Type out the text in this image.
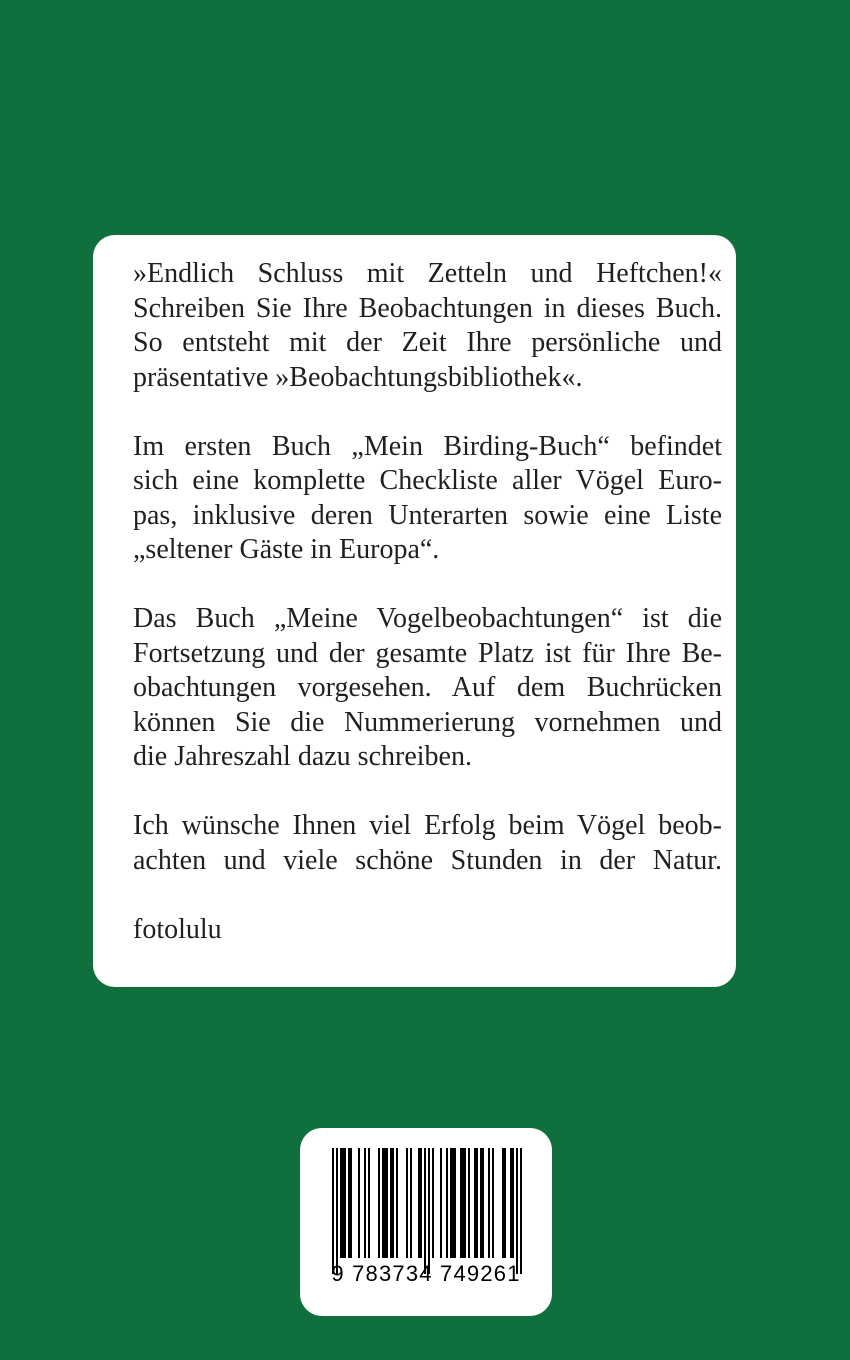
»Endlich Schluss mit Zetteln und Heftchen!«
Schreiben Sie Ihre Beobachtungen in dieses Buch.
So entsteht mit der Zeit Ihre persönliche und
präsentative »Beobachtungsbibliothek«.
Im ersten Buch „Mein Birding-Buch“ befindet
sich eine komplette Checkliste aller Vögel Euro-
pas, inklusive deren Unterarten sowie eine Liste
„seltener Gäste in Europa“.
Das Buch „Meine Vogelbeobachtungen“ ist die
Fortsetzung und der gesamte Platz ist für Ihre Be-
obachtungen vorgesehen. Auf dem Buchrücken
können Sie die Nummerierung vornehmen und
die Jahreszahl dazu schreiben.
Ich wünsche Ihnen viel Erfolg beim Vögel beob-
achten und viele schöne Stunden in der Natur.
fotolulu
9 783734 749261
